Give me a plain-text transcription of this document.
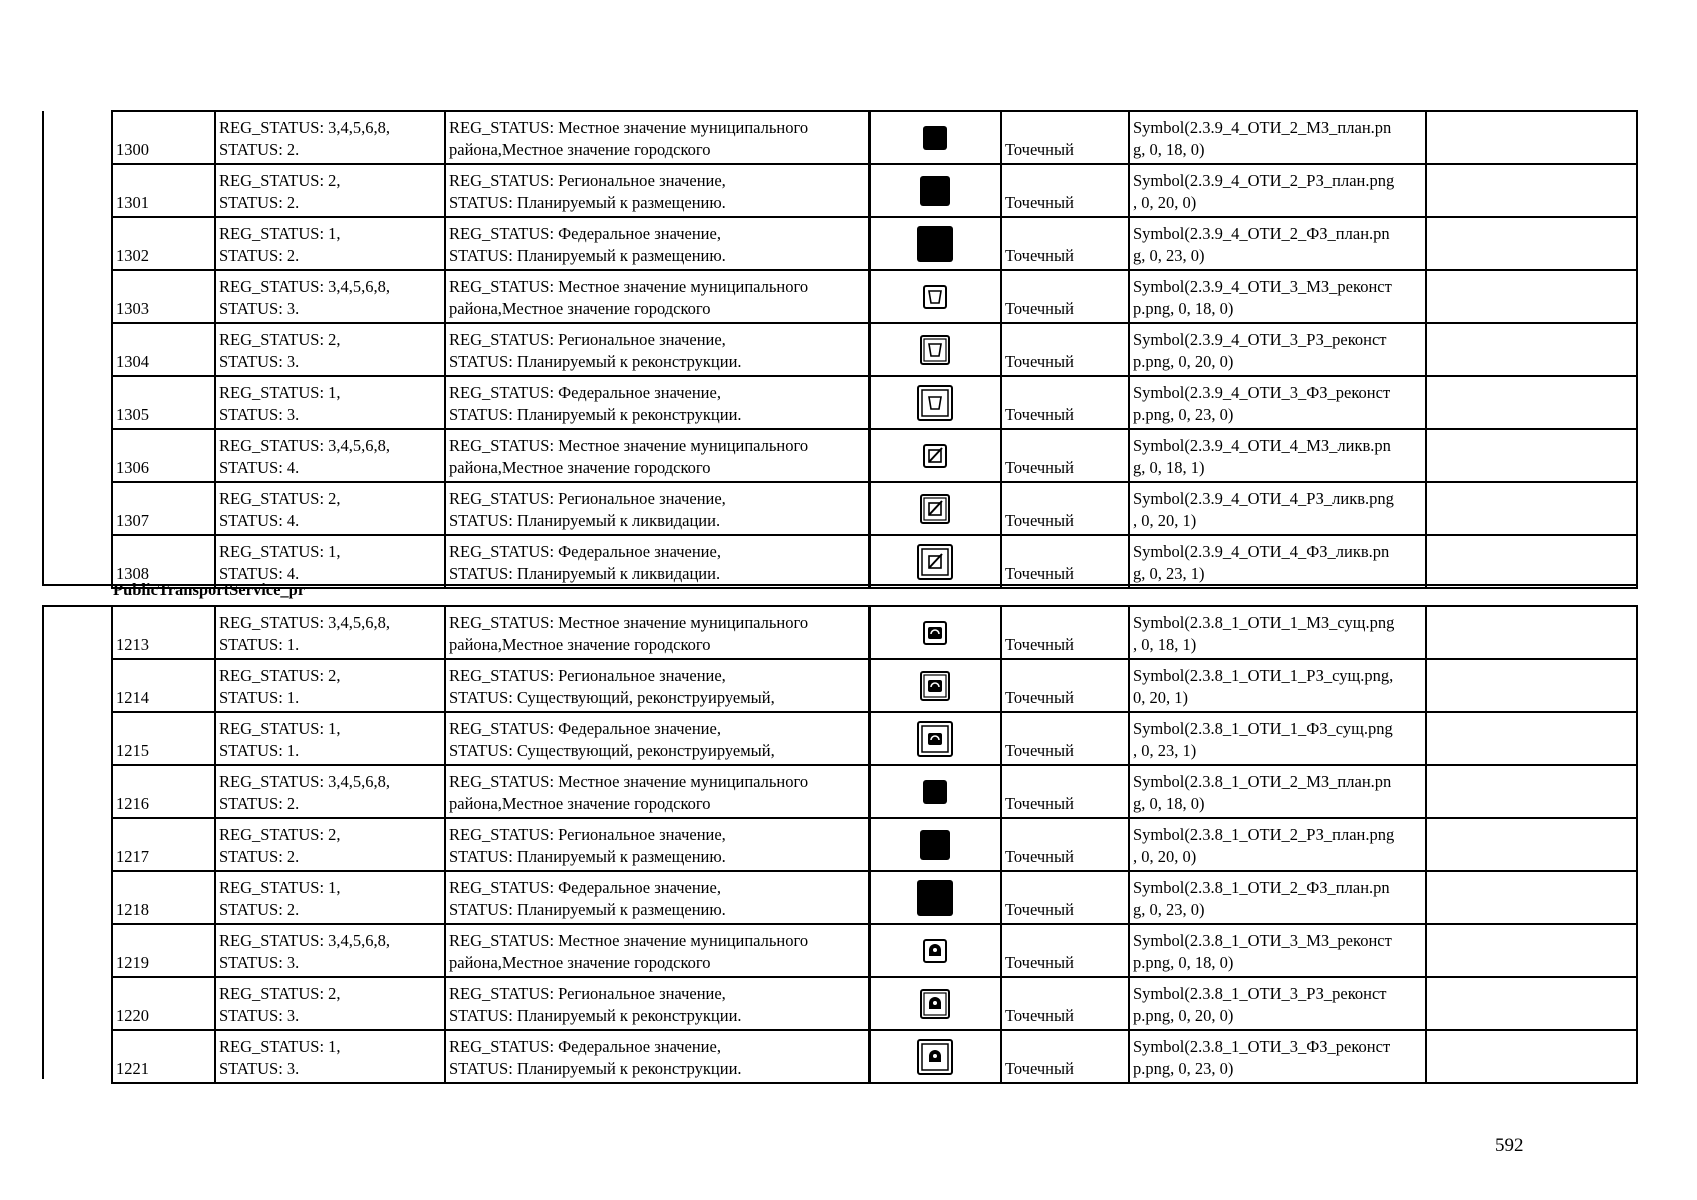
1300	REG_STATUS: 3,4,5,6,8,
STATUS: 2.	REG_STATUS: Местное значение муниципального
района,Местное значение городского		Точечный	Symbol(2.3.9_4_ОТИ_2_МЗ_план.pn
g, 0, 18, 0)	

1301	REG_STATUS: 2,
STATUS: 2.	REG_STATUS: Региональное значение,
STATUS: Планируемый к размещению.		Точечный	Symbol(2.3.9_4_ОТИ_2_РЗ_план.png
, 0, 20, 0)	

1302	REG_STATUS: 1,
STATUS: 2.	REG_STATUS: Федеральное значение,
STATUS: Планируемый к размещению.		Точечный	Symbol(2.3.9_4_ОТИ_2_ФЗ_план.pn
g, 0, 23, 0)	

1303	REG_STATUS: 3,4,5,6,8,
STATUS: 3.	REG_STATUS: Местное значение муниципального
района,Местное значение городского		Точечный	Symbol(2.3.9_4_ОТИ_3_МЗ_реконст
р.png, 0, 18, 0)	

1304	REG_STATUS: 2,
STATUS: 3.	REG_STATUS: Региональное значение,
STATUS: Планируемый к реконструкции.		Точечный	Symbol(2.3.9_4_ОТИ_3_РЗ_реконст
р.png, 0, 20, 0)	

1305	REG_STATUS: 1,
STATUS: 3.	REG_STATUS: Федеральное значение,
STATUS: Планируемый к реконструкции.		Точечный	Symbol(2.3.9_4_ОТИ_3_ФЗ_реконст
р.png, 0, 23, 0)	

1306	REG_STATUS: 3,4,5,6,8,
STATUS: 4.	REG_STATUS: Местное значение муниципального
района,Местное значение городского		Точечный	Symbol(2.3.9_4_ОТИ_4_МЗ_ликв.pn
g, 0, 18, 1)	

1307	REG_STATUS: 2,
STATUS: 4.	REG_STATUS: Региональное значение,
STATUS: Планируемый к ликвидации.		Точечный	Symbol(2.3.9_4_ОТИ_4_РЗ_ликв.png
, 0, 20, 1)	

1308	REG_STATUS: 1,
STATUS: 4.	REG_STATUS: Федеральное значение,
STATUS: Планируемый к ликвидации.		Точечный	Symbol(2.3.9_4_ОТИ_4_ФЗ_ликв.pn
g, 0, 23, 1)	

PublicTransportService_pr
1213	REG_STATUS: 3,4,5,6,8,
STATUS: 1.	REG_STATUS: Местное значение муниципального
района,Местное значение городского		Точечный	Symbol(2.3.8_1_ОТИ_1_МЗ_сущ.png
, 0, 18, 1)	

1214	REG_STATUS: 2,
STATUS: 1.	REG_STATUS: Региональное значение,
STATUS: Существующий, реконструируемый,		Точечный	Symbol(2.3.8_1_ОТИ_1_РЗ_сущ.png,
0, 20, 1)	

1215	REG_STATUS: 1,
STATUS: 1.	REG_STATUS: Федеральное значение,
STATUS: Существующий, реконструируемый,		Точечный	Symbol(2.3.8_1_ОТИ_1_ФЗ_сущ.png
, 0, 23, 1)	

1216	REG_STATUS: 3,4,5,6,8,
STATUS: 2.	REG_STATUS: Местное значение муниципального
района,Местное значение городского		Точечный	Symbol(2.3.8_1_ОТИ_2_МЗ_план.pn
g, 0, 18, 0)	

1217	REG_STATUS: 2,
STATUS: 2.	REG_STATUS: Региональное значение,
STATUS: Планируемый к размещению.		Точечный	Symbol(2.3.8_1_ОТИ_2_РЗ_план.png
, 0, 20, 0)	

1218	REG_STATUS: 1,
STATUS: 2.	REG_STATUS: Федеральное значение,
STATUS: Планируемый к размещению.		Точечный	Symbol(2.3.8_1_ОТИ_2_ФЗ_план.pn
g, 0, 23, 0)	

1219	REG_STATUS: 3,4,5,6,8,
STATUS: 3.	REG_STATUS: Местное значение муниципального
района,Местное значение городского		Точечный	Symbol(2.3.8_1_ОТИ_3_МЗ_реконст
р.png, 0, 18, 0)	

1220	REG_STATUS: 2,
STATUS: 3.	REG_STATUS: Региональное значение,
STATUS: Планируемый к реконструкции.		Точечный	Symbol(2.3.8_1_ОТИ_3_РЗ_реконст
р.png, 0, 20, 0)	

1221	REG_STATUS: 1,
STATUS: 3.	REG_STATUS: Федеральное значение,
STATUS: Планируемый к реконструкции.		Точечный	Symbol(2.3.8_1_ОТИ_3_ФЗ_реконст
р.png, 0, 23, 0)	

592
